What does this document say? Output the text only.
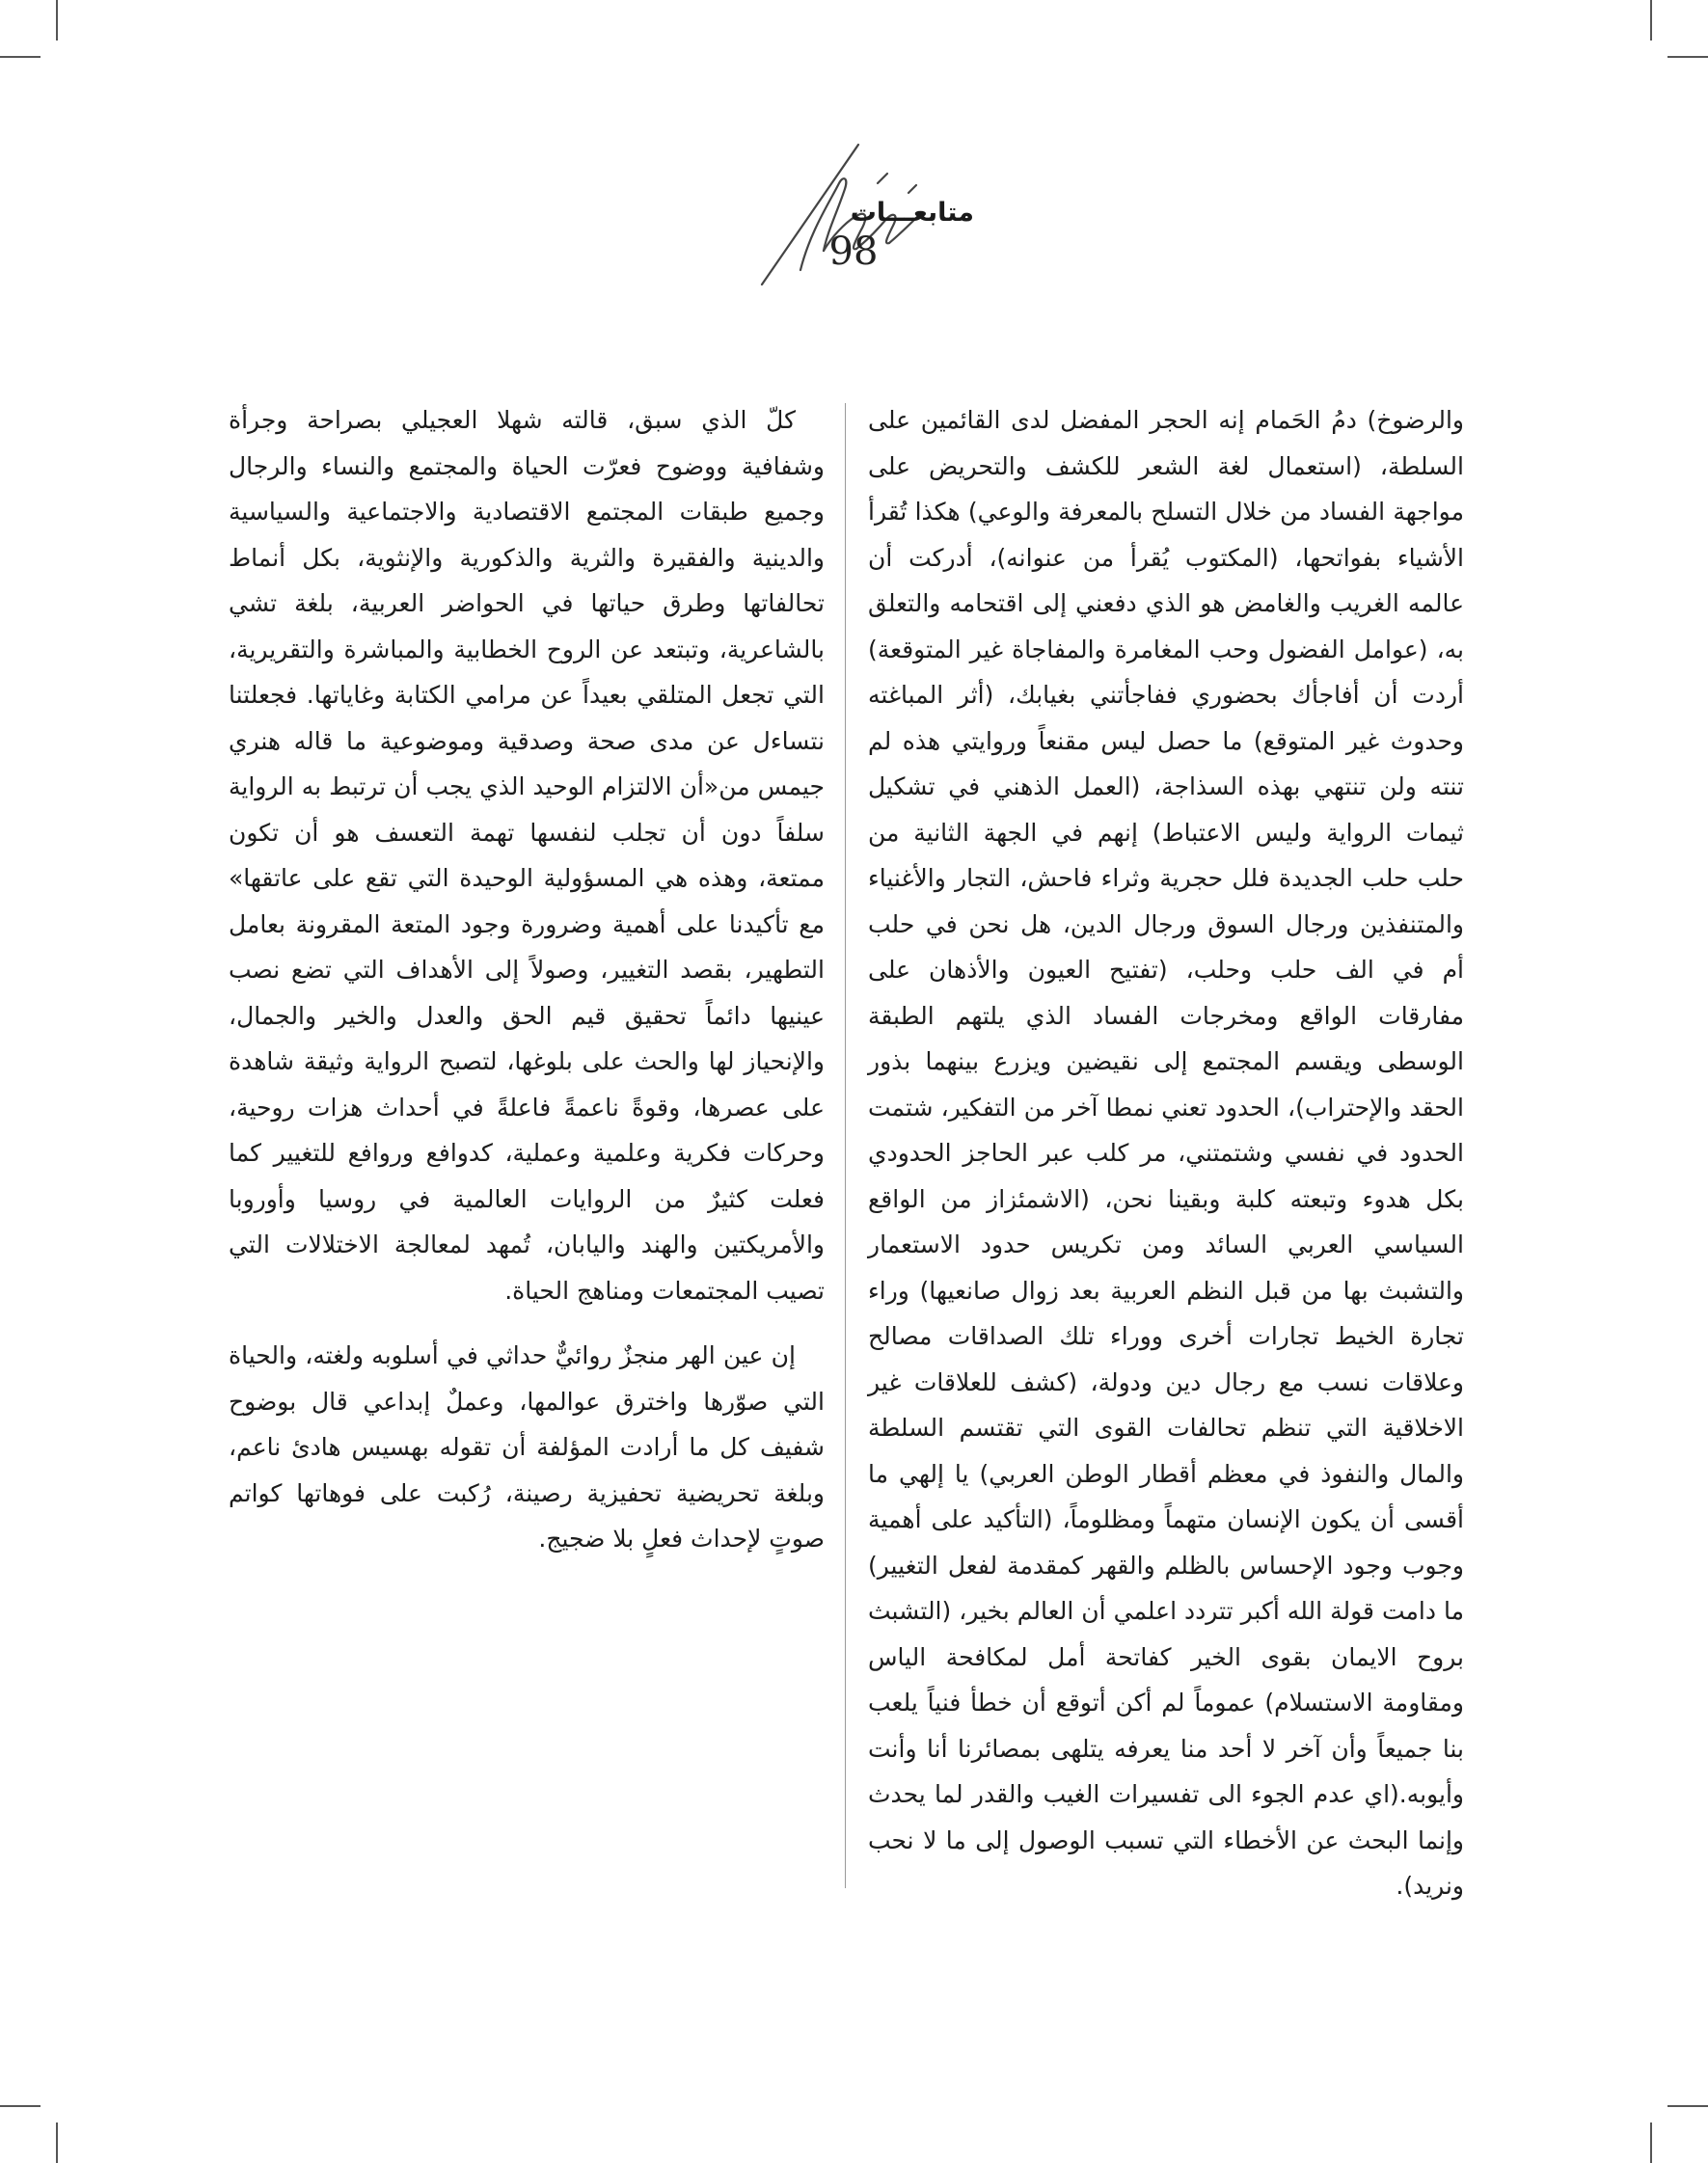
متابعـــات
98

والرضوخ) دمُ الحَمام إنه الحجر المفضل لدى القائمين على السلطة، (استعمال لغة الشعر للكشف والتحريض على مواجهة الفساد من خلال التسلح بالمعرفة والوعي) هكذا تُقرأ الأشياء بفواتحها، (المكتوب يُقرأ من عنوانه)، أدركت أن عالمه الغريب والغامض هو الذي دفعني إلى اقتحامه والتعلق به، (عوامل الفضول وحب المغامرة والمفاجاة غير المتوقعة) أردت أن أفاجأك بحضوري ففاجأتني بغيابك، (أثر المباغته وحدوث غير المتوقع) ما حصل ليس مقنعاً وروايتي هذه لم تنته ولن تنتهي بهذه السذاجة، (العمل الذهني في تشكيل ثيمات الرواية وليس الاعتباط) إنهم في الجهة الثانية من حلب حلب الجديدة فلل حجرية وثراء فاحش، التجار والأغنياء والمتنفذين ورجال السوق ورجال الدين، هل نحن في حلب أم في الف حلب وحلب، (تفتيح العيون والأذهان على مفارقات الواقع ومخرجات الفساد الذي يلتهم الطبقة الوسطى ويقسم المجتمع إلى نقيضين ويزرع بينهما بذور الحقد والإحتراب)، الحدود تعني نمطا آخر من التفكير، شتمت الحدود في نفسي وشتمتني، مر كلب عبر الحاجز الحدودي بكل هدوء وتبعته كلبة وبقينا نحن، (الاشمئزاز من الواقع السياسي العربي السائد ومن تكريس حدود الاستعمار والتشبث بها من قبل النظم العربية بعد زوال صانعيها) وراء تجارة الخيط تجارات أخرى ووراء تلك الصداقات مصالح وعلاقات نسب مع رجال دين ودولة، (كشف للعلاقات غير الاخلاقية التي تنظم تحالفات القوى التي تقتسم السلطة والمال والنفوذ في معظم أقطار الوطن العربي) يا إلهي ما أقسى أن يكون الإنسان متهماً ومظلوماً، (التأكيد على أهمية وجوب وجود الإحساس بالظلم والقهر كمقدمة لفعل التغيير) ما دامت قولة الله أكبر تتردد اعلمي أن العالم بخير، (التشبث بروح الايمان بقوى الخير كفاتحة أمل لمكافحة الياس ومقاومة الاستسلام) عموماً لم أكن أتوقع أن خطأ فنياً يلعب بنا جميعاً وأن آخر لا أحد منا يعرفه يتلهى بمصائرنا أنا وأنت وأيوبه.(اي عدم الجوء الى تفسيرات الغيب والقدر لما يحدث وإنما البحث عن الأخطاء التي تسبب الوصول إلى ما لا نحب ونريد).

كلّ الذي سبق، قالته شهلا العجيلي بصراحة وجرأة وشفافية ووضوح فعرّت الحياة والمجتمع والنساء والرجال وجميع طبقات المجتمع الاقتصادية والاجتماعية والسياسية والدينية والفقيرة والثرية والذكورية والإنثوية، بكل أنماط تحالفاتها وطرق حياتها في الحواضر العربية، بلغة تشي بالشاعرية، وتبتعد عن الروح الخطابية والمباشرة والتقريرية، التي تجعل المتلقي بعيداً عن مرامي الكتابة وغاياتها. فجعلتنا نتساءل عن مدى صحة وصدقية وموضوعية ما قاله هنري جيمس من«أن الالتزام الوحيد الذي يجب أن ترتبط به الرواية سلفاً دون أن تجلب لنفسها تهمة التعسف هو أن تكون ممتعة، وهذه هي المسؤولية الوحيدة التي تقع على عاتقها» مع تأكيدنا على أهمية وضرورة وجود المتعة المقرونة بعامل التطهير، بقصد التغيير، وصولاً إلى الأهداف التي تضع نصب عينيها دائماً تحقيق قيم الحق والعدل والخير والجمال، والإنحياز لها والحث على بلوغها، لتصبح الرواية وثيقة شاهدة على عصرها، وقوةً ناعمةً فاعلةً في أحداث هزات روحية، وحركات فكرية وعلمية وعملية، كدوافع وروافع للتغيير كما فعلت كثيرٌ من الروايات العالمية في روسيا وأوروبا والأمريكتين والهند واليابان، تُمهد لمعالجة الاختلالات التي تصيب المجتمعات ومناهج الحياة.

إن عين الهر منجزٌ روائيٌّ حداثي في أسلوبه ولغته، والحياة التي صوّرها واخترق عوالمها، وعملٌ إبداعي قال بوضوح شفيف كل ما أرادت المؤلفة أن تقوله بهسيس هادئ ناعم، وبلغة تحريضية تحفيزية رصينة، رُكبت على فوهاتها كواتم صوتٍ لإحداث فعلٍ بلا ضجيج.
